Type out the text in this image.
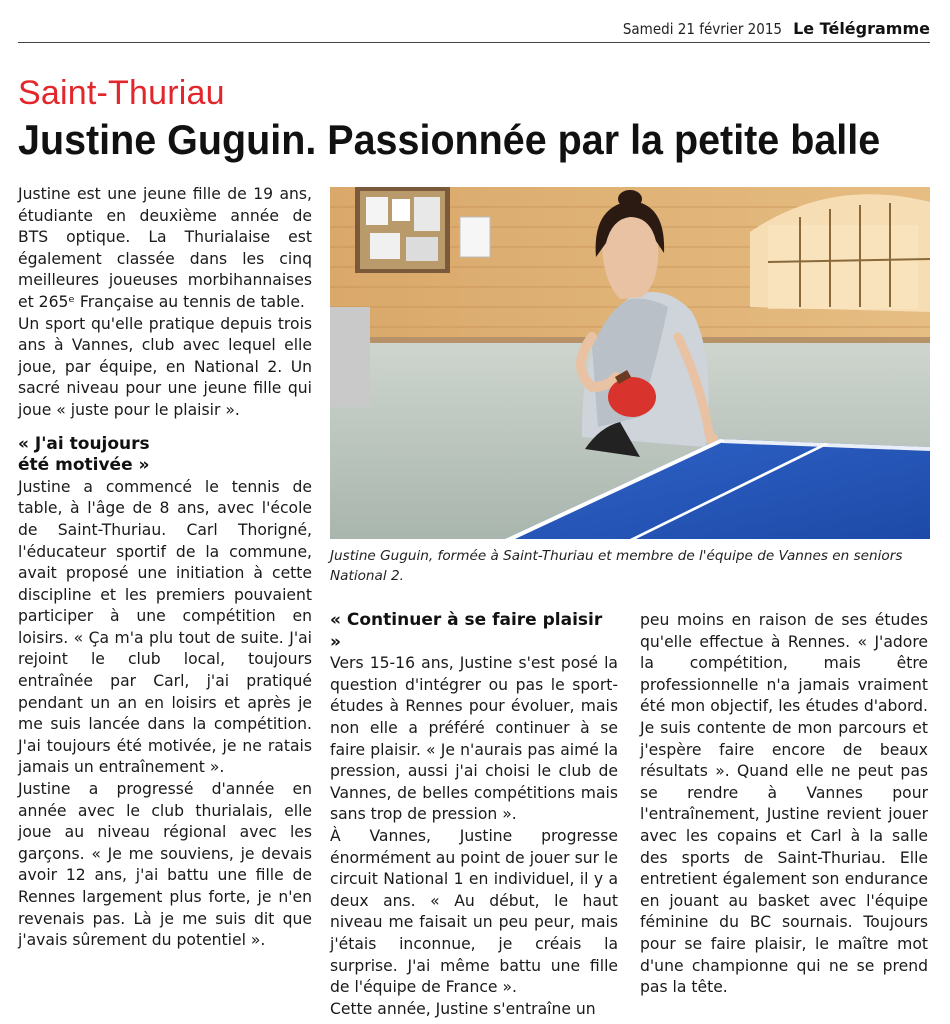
Samedi 21 février 2015 Le Télégramme
Saint-Thuriau
Justine Guguin. Passionnée par la petite balle

Justine est une jeune fille de 19 ans, étudiante en deuxième année de BTS optique. La Thurialaise est également classée dans les cinq meilleures joueuses morbihannaises et 265ᵉ Française au tennis de table.

Un sport qu'elle pratique depuis trois ans à Vannes, club avec lequel elle joue, par équipe, en National 2. Un sacré niveau pour une jeune fille qui joue « juste pour le plaisir ».

« J'ai toujours
été motivée »

Justine a commencé le tennis de table, à l'âge de 8 ans, avec l'école de Saint-Thuriau. Carl Thorigné, l'éducateur sportif de la commune, avait proposé une initiation à cette discipline et les premiers pouvaient participer à une compétition en loisirs. « Ça m'a plu tout de suite. J'ai rejoint le club local, toujours entraînée par Carl, j'ai pratiqué pendant un an en loisirs et après je me suis lancée dans la compétition. J'ai toujours été motivée, je ne ratais jamais un entraînement ».

Justine a progressé d'année en année avec le club thurialais, elle joue au niveau régional avec les garçons. « Je me souviens, je devais avoir 12 ans, j'ai battu une fille de Rennes largement plus forte, je n'en revenais pas. Là je me suis dit que j'avais sûrement du potentiel ».

Justine Guguin, formée à Saint-Thuriau et membre de l'équipe de Vannes en seniors National 2.

« Continuer à se faire plaisir »

Vers 15-16 ans, Justine s'est posé la question d'intégrer ou pas le sport-études à Rennes pour évoluer, mais non elle a préféré continuer à se faire plaisir. « Je n'aurais pas aimé la pression, aussi j'ai choisi le club de Vannes, de belles compétitions mais sans trop de pression ».

À Vannes, Justine progresse énormément au point de jouer sur le circuit National 1 en individuel, il y a deux ans. « Au début, le haut niveau me faisait un peu peur, mais j'étais inconnue, je créais la surprise. J'ai même battu une fille de l'équipe de France ».

Cette année, Justine s'entraîne un

peu moins en raison de ses études qu'elle effectue à Rennes. « J'adore la compétition, mais être professionnelle n'a jamais vraiment été mon objectif, les études d'abord. Je suis contente de mon parcours et j'espère faire encore de beaux résultats ». Quand elle ne peut pas se rendre à Vannes pour l'entraînement, Justine revient jouer avec les copains et Carl à la salle des sports de Saint-Thuriau. Elle entretient également son endurance en jouant au basket avec l'équipe féminine du BC sournais. Toujours pour se faire plaisir, le maître mot d'une championne qui ne se prend pas la tête.
